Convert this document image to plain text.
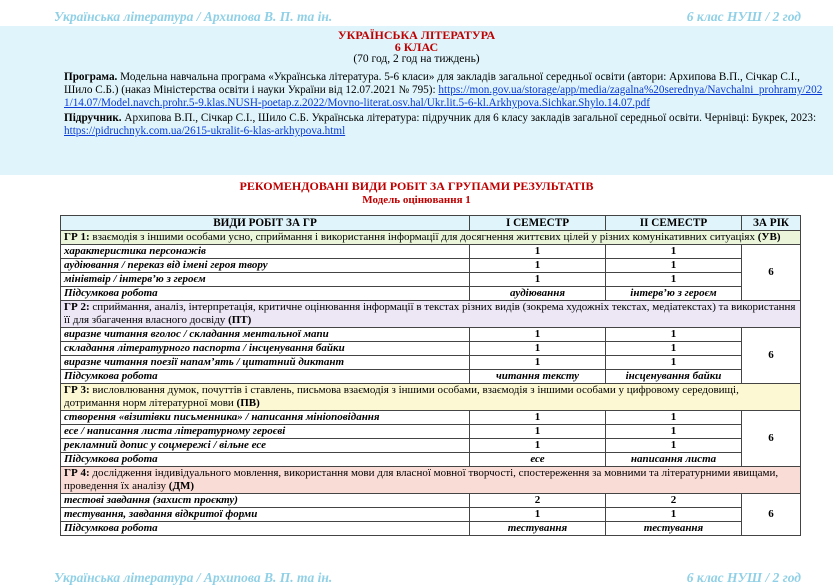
Українська література / Архипова В. П. та ін.	6 клас НУШ / 2 год
УКРАЇНСЬКА ЛІТЕРАТУРА
6 КЛАС
(70 год, 2 год на тиждень)

Програма. Модельна навчальна програма «Українська література. 5-6 класи» для закладів загальної середньої освіти (автори: Архипова В.П., Січкар С.І., Шило С.Б.) (наказ Міністерства освіти і науки України від 12.07.2021 № 795): https://mon.gov.ua/storage/app/media/zagalna%20serednya/Navchalni_prohramy/2021/14.07/Model.navch.prohr.5-9.klas.NUSH-poetap.z.2022/Movno-literat.osv.hal/Ukr.lit.5-6-kl.Arkhypova.Sichkar.Shylo.14.07.pdf

Підручник. Архипова В.П., Січкар С.І., Шило С.Б. Українська література: підручник для 6 класу закладів загальної середньої освіти. Чернівці: Букрек, 2023: https://pidruchnyk.com.ua/2615-ukralit-6-klas-arkhypova.html

РЕКОМЕНДОВАНІ ВИДИ РОБІТ ЗА ГРУПАМИ РЕЗУЛЬТАТІВ
Модель оцінювання 1
ВИДИ РОБІТ ЗА ГР	І СЕМЕСТР	ІІ СЕМЕСТР	ЗА РІК
ГР 1: взаємодія з іншими особами усно, сприймання і використання інформації для досягнення життєвих цілей у різних комунікативних ситуаціях (УВ)			
характеристика персонажів	1	1	6
аудіювання / переказ від імені героя твору	1	1	
мінівтвір / інтерв’ю з героєм	1	1	
Підсумкова робота	аудіювання	інтерв’ю з героєм	
ГР 2: сприймання, аналіз, інтерпретація, критичне оцінювання інформації в текстах різних видів (зокрема художніх текстах, медіатекстах) та використання її для збагачення власного досвіду (ПТ)			
виразне читання вголос / складання ментальної мапи	1	1	6
складання літературного паспорта / інсценування байки	1	1	
виразне читання поезії напам’ять / цитатний диктант	1	1	
Підсумкова робота	читання тексту	інсценування байки	
ГР 3: висловлювання думок, почуттів і ставлень, письмова взаємодія з іншими особами, взаємодія з іншими особами у цифровому середовищі, дотримання норм літературної мови (ПВ)			
створення «візитівки письменника» / написання мініоповідання	1	1	6
есе / написання листа літературному героєві	1	1	
рекламний допис у соцмережі / вільне есе	1	1	
Підсумкова робота	есе	написання листа	
ГР 4: дослідження індивідуального мовлення, використання мови для власної мовної творчості, спостереження за мовними та літературними явищами, проведення їх аналізу (ДМ)			
тестові завдання (захист проєкту)	2	2	6
тестування, завдання відкритої форми	1	1	
Підсумкова робота	тестування	тестування	
Українська література / Архипова В. П. та ін.	6 клас НУШ / 2 год
